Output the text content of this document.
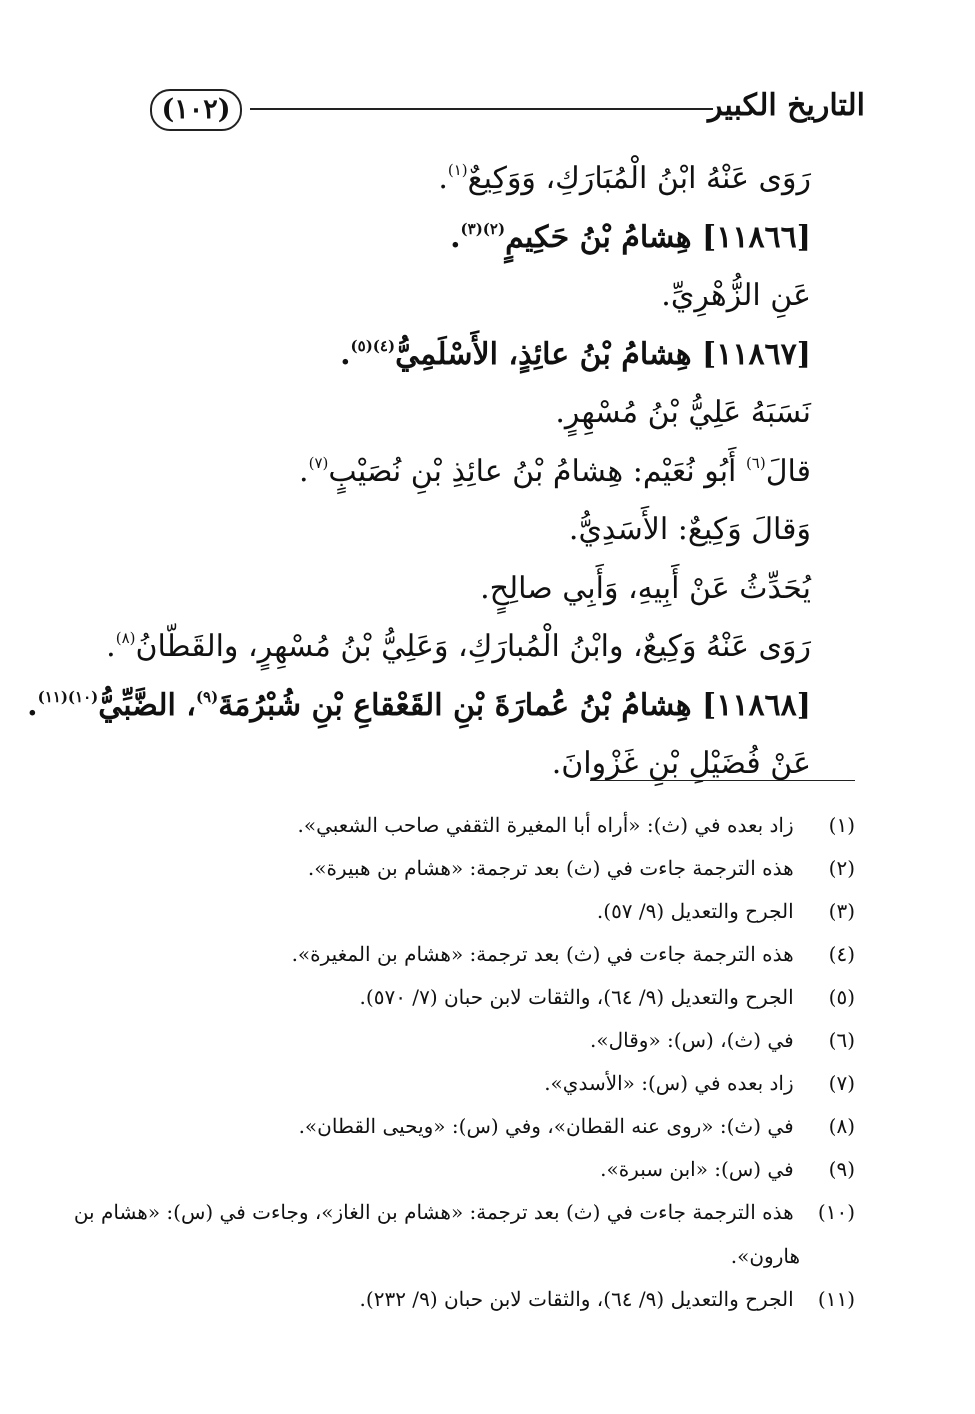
التاريخ الكبير
(١٠٢)
رَوَى عَنْهُ ابْنُ الْمُبَارَكِ، وَوَكِيعٌ$^{(١)}$.
[١١٨٦٦] هِشامُ بْنُ حَكِيمٍ$^{(٢)(٣)}$.
عَنِ الزُّهْرِيِّ.
[١١٨٦٧] هِشامُ بْنُ عائِذٍ، الأَسْلَمِيُّ$^{(٤)(٥)}$.
نَسَبَهُ عَلِيُّ بْنُ مُسْهِرٍ.
قالَ$^{(٦)}$ أَبُو نُعَيْم: هِشامُ بْنُ عائِذِ بْنِ نُصَيْبٍ$^{(٧)}$.
وَقالَ وَكِيعٌ: الأَسَدِيُّ.
يُحَدِّثُ عَنْ أَبِيهِ، وَأَبِي صالِحٍ.
رَوَى عَنْهُ وَكِيعٌ، وابْنُ الْمُبارَكِ، وَعَلِيُّ بْنُ مُسْهِرٍ، والقَطّانُ$^{(٨)}$.
[١١٨٦٨] هِشامُ بْنُ عُمارَةَ بْنِ القَعْقاعِ بْنِ شُبْرُمَةَ$^{(٩)}$، الضَّبِّيُّ$^{(١٠)(١١)}$.
عَنْ فُضَيْلِ بْنِ غَزْوانَ.
(١) زاد بعده في (ث): «أراه أبا المغيرة الثقفي صاحب الشعبي».
(٢) هذه الترجمة جاءت في (ث) بعد ترجمة: «هشام بن هبيرة».
(٣) الجرح والتعديل (٩/ ٥٧).
(٤) هذه الترجمة جاءت في (ث) بعد ترجمة: «هشام بن المغيرة».
(٥) الجرح والتعديل (٩/ ٦٤)، والثقات لابن حبان (٧/ ٥٧٠).
(٦) في (ث)، (س): «وقال».
(٧) زاد بعده في (س): «الأسدي».
(٨) في (ث): «روى عنه القطان»، وفي (س): «ويحيى القطان».
(٩) في (س): «ابن سبرة».
(١٠) هذه الترجمة جاءت في (ث) بعد ترجمة: «هشام بن الغاز»، وجاءت في (س): «هشام بن
هارون».
(١١) الجرح والتعديل (٩/ ٦٤)، والثقات لابن حبان (٩/ ٢٣٢).
